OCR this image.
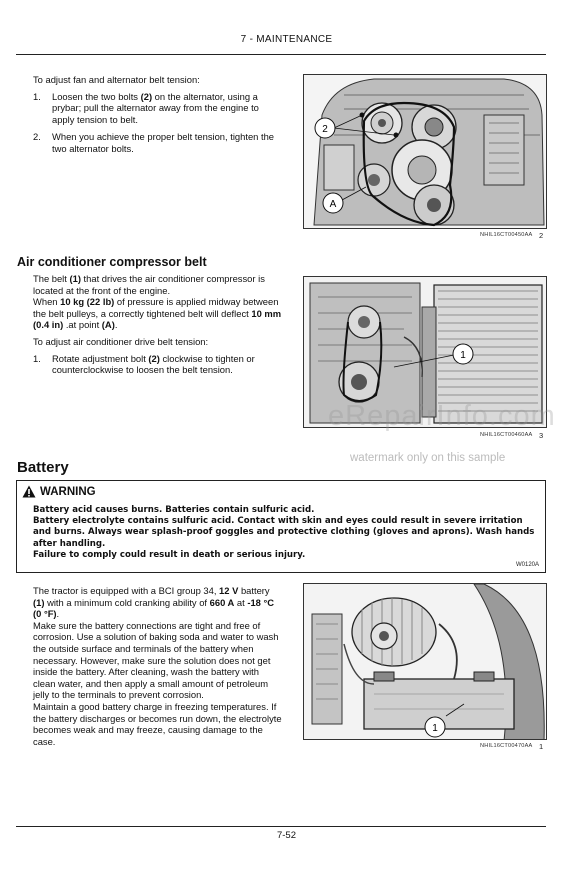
7 - MAINTENANCE

To adjust fan and alternator belt tension:

1. Loosen the two bolts (2) on the alternator, using a prybar; pull the alternator away from the engine to apply tension to belt.
2. When you achieve the proper belt tension, tighten the two alternator bolts.
2
A
NHIL16CT00450AA 2
Air conditioner compressor belt

The belt (1) that drives the air conditioner compressor is located at the front of the engine.

When 10 kg (22 lb) of pressure is applied midway between the belt pulleys, a correctly tightened belt will deflect 10 mm (0.4 in) .at point (A).

To adjust air conditioner drive belt tension:

1. Rotate adjustment bolt (2) clockwise to tighten or counterclockwise to loosen the belt tension.
1
NHIL16CT00460AA 3
eRepairInfo.com
watermark only on this sample
Battery
WARNING

Battery acid causes burns. Batteries contain sulfuric acid.

Battery electrolyte contains sulfuric acid. Contact with skin and eyes could result in severe irritation and burns. Always wear splash-proof goggles and protective clothing (gloves and aprons). Wash hands after handling.

Failure to comply could result in death or serious injury.

W0120A

The tractor is equipped with a BCI group 34, 12 V battery (1) with a minimum cold cranking ability of 660 A at -18 °C (0 °F).

Make sure the battery connections are tight and free of corrosion. Use a solution of baking soda and water to wash the outside surface and terminals of the battery when necessary. However, make sure the solution does not get inside the battery. After cleaning, wash the battery with clean water, and then apply a small amount of petroleum jelly to the terminals to prevent corrosion.

Maintain a good battery charge in freezing temperatures. If the battery discharges or becomes run down, the electrolyte becomes weak and may freeze, causing damage to the case.

1
NHIL16CT00470AA 1
7-52
